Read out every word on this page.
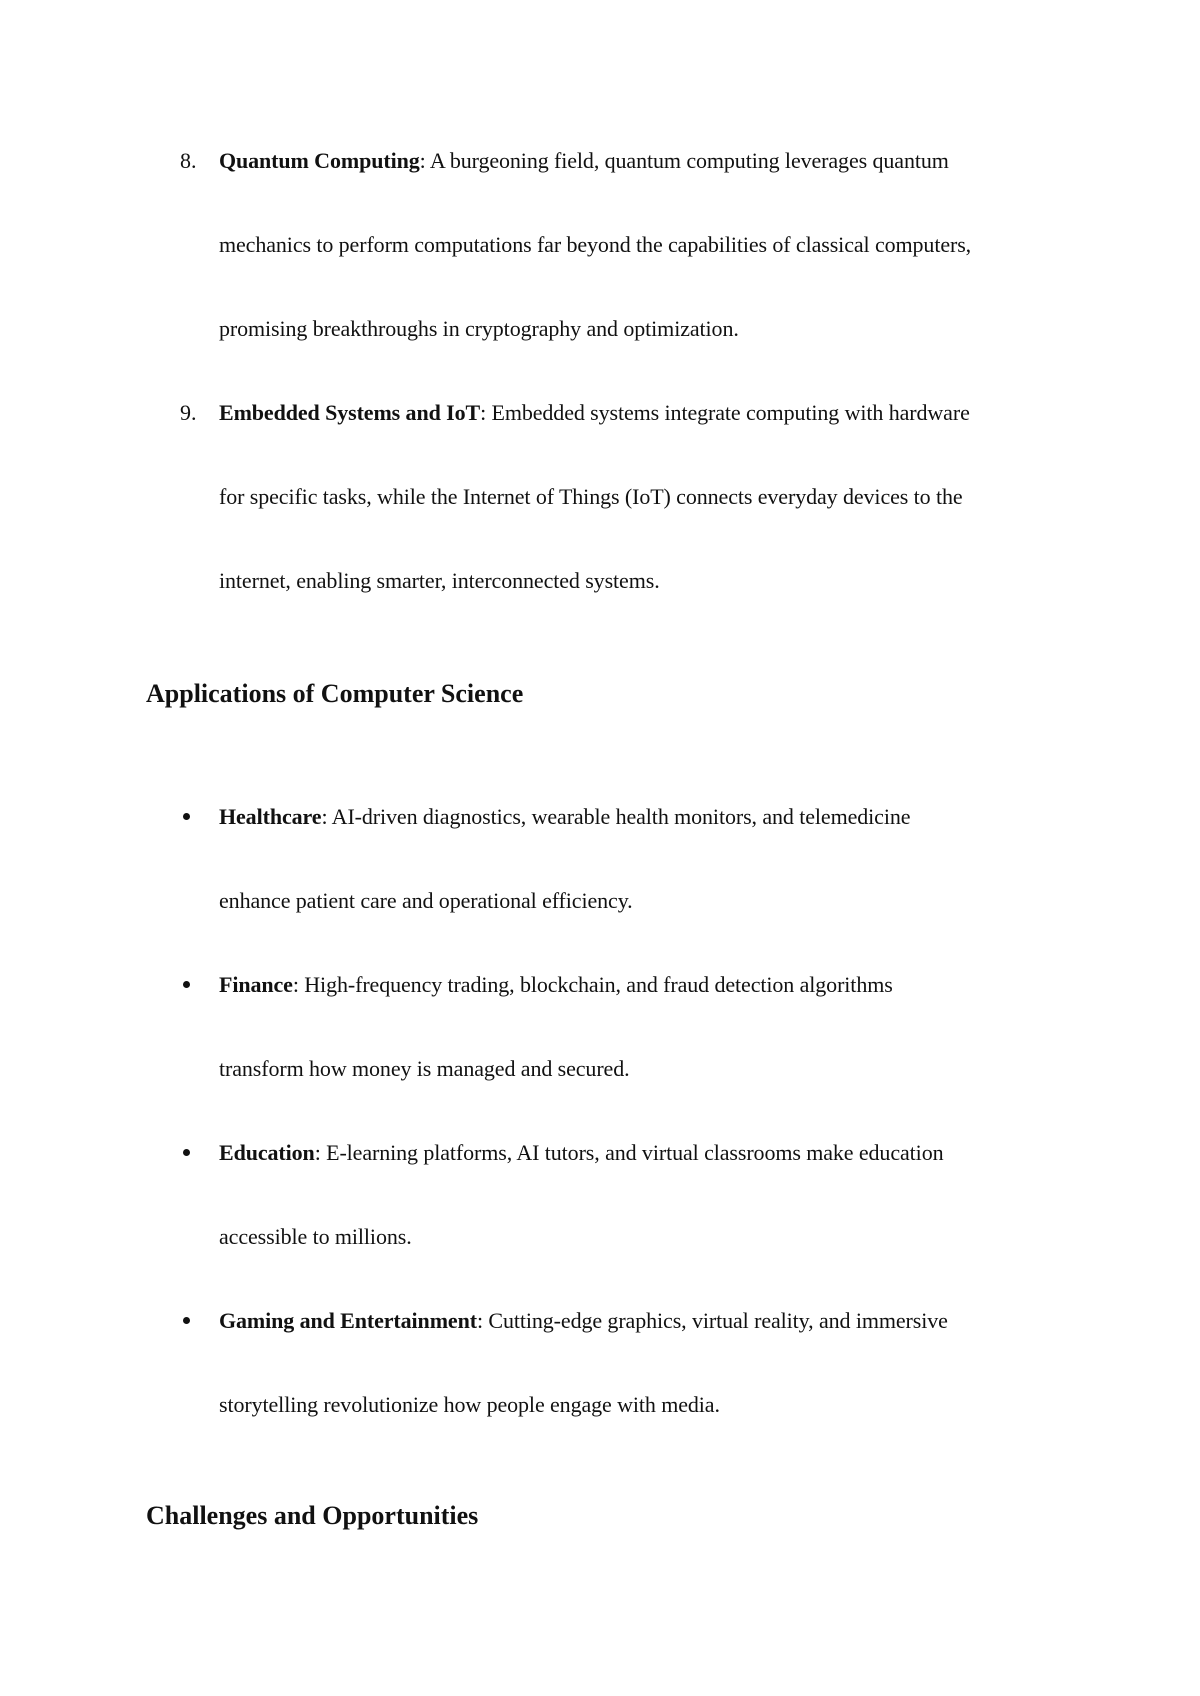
8. Quantum Computing: A burgeoning field, quantum computing leverages quantum
mechanics to perform computations far beyond the capabilities of classical computers,
promising breakthroughs in cryptography and optimization.
9. Embedded Systems and IoT: Embedded systems integrate computing with hardware
for specific tasks, while the Internet of Things (IoT) connects everyday devices to the
internet, enabling smarter, interconnected systems.
Applications of Computer Science
Healthcare: AI-driven diagnostics, wearable health monitors, and telemedicine
enhance patient care and operational efficiency.
Finance: High-frequency trading, blockchain, and fraud detection algorithms
transform how money is managed and secured.
Education: E-learning platforms, AI tutors, and virtual classrooms make education
accessible to millions.
Gaming and Entertainment: Cutting-edge graphics, virtual reality, and immersive
storytelling revolutionize how people engage with media.
Challenges and Opportunities
